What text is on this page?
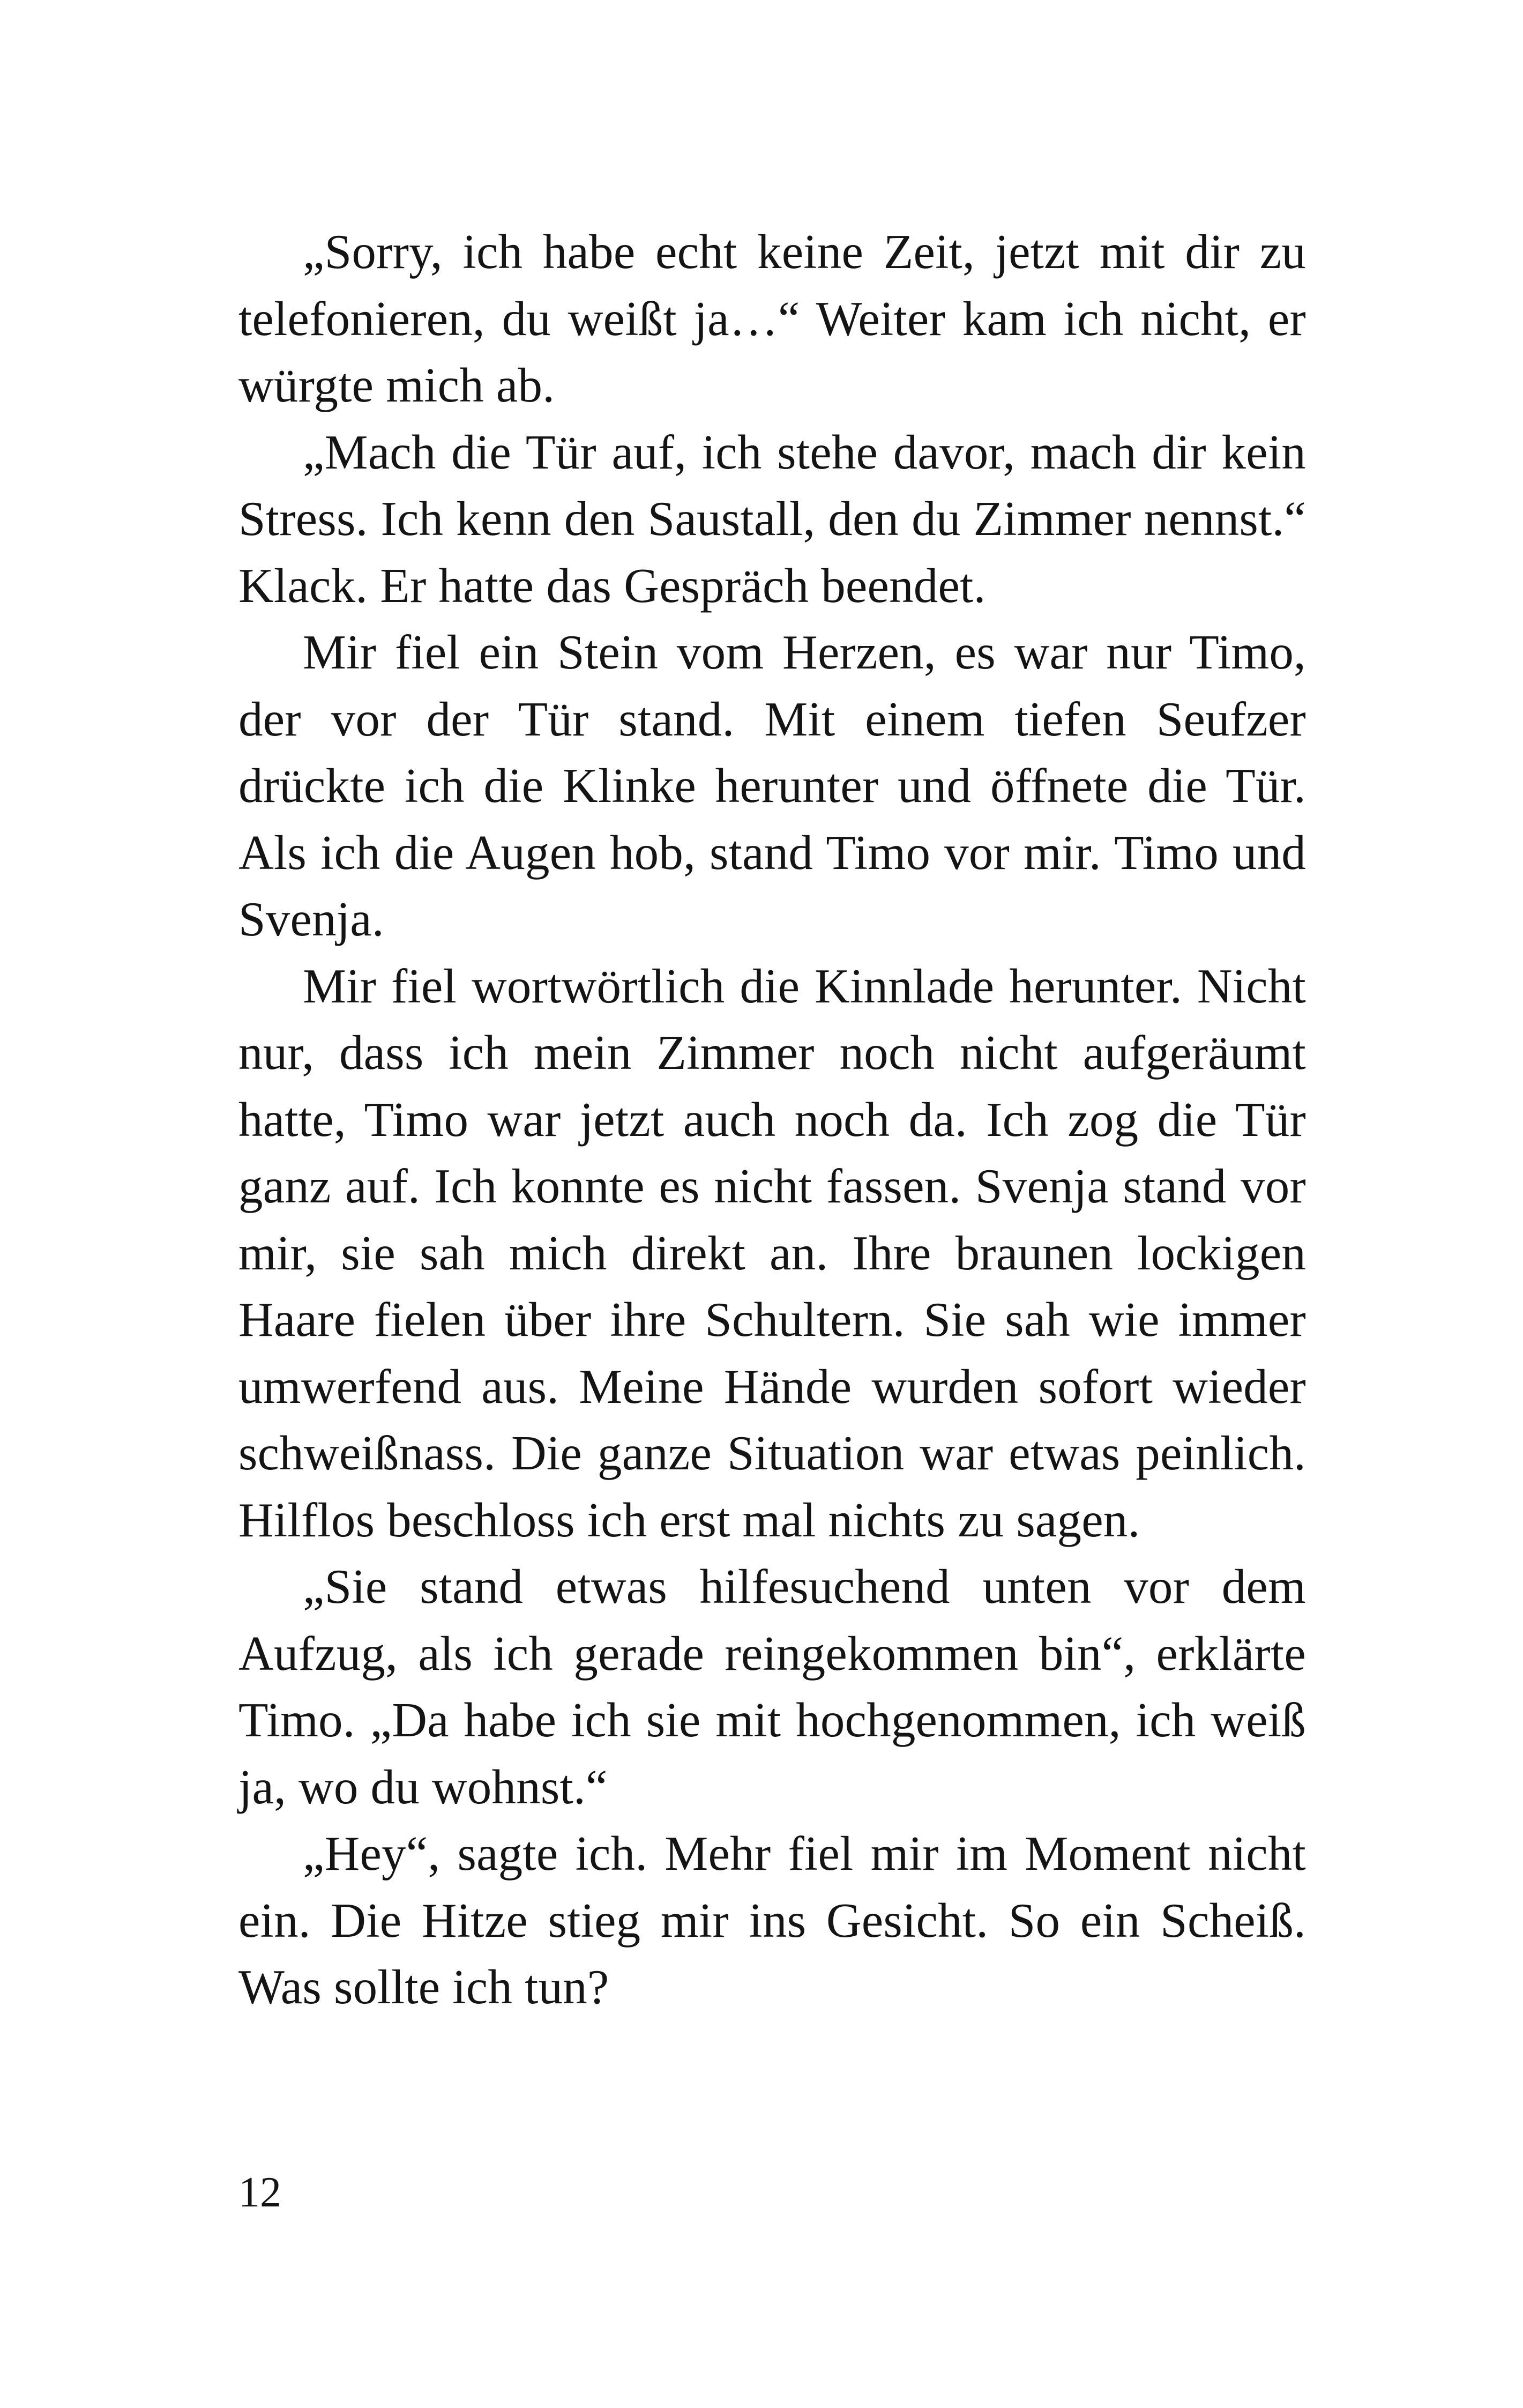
„Sorry, ich habe echt keine Zeit, jetzt mit dir zu telefonieren, du weißt ja…“ Weiter kam ich nicht, er würgte mich ab.

„Mach die Tür auf, ich stehe davor, mach dir kein Stress. Ich kenn den Saustall, den du Zimmer nennst.“ Klack. Er hatte das Gespräch beendet.

Mir fiel ein Stein vom Herzen, es war nur Timo, der vor der Tür stand. Mit einem tiefen Seufzer drückte ich die Klinke herunter und öffnete die Tür. Als ich die Augen hob, stand Timo vor mir. Timo und Svenja.

Mir fiel wortwörtlich die Kinnlade herunter. Nicht nur, dass ich mein Zimmer noch nicht aufgeräumt hatte, Timo war jetzt auch noch da. Ich zog die Tür ganz auf. Ich konnte es nicht fassen. Svenja stand vor mir, sie sah mich direkt an. Ihre braunen lockigen Haare fielen über ihre Schultern. Sie sah wie immer umwerfend aus. Meine Hände wurden sofort wieder schweißnass. Die ganze Situation war etwas peinlich. Hilflos beschloss ich erst mal nichts zu sagen.

„Sie stand etwas hilfesuchend unten vor dem Aufzug, als ich gerade reingekommen bin“, erklärte Timo. „Da habe ich sie mit hochgenommen, ich weiß ja, wo du wohnst.“

„Hey“, sagte ich. Mehr fiel mir im Moment nicht ein. Die Hitze stieg mir ins Gesicht. So ein Scheiß. Was sollte ich tun?

12
